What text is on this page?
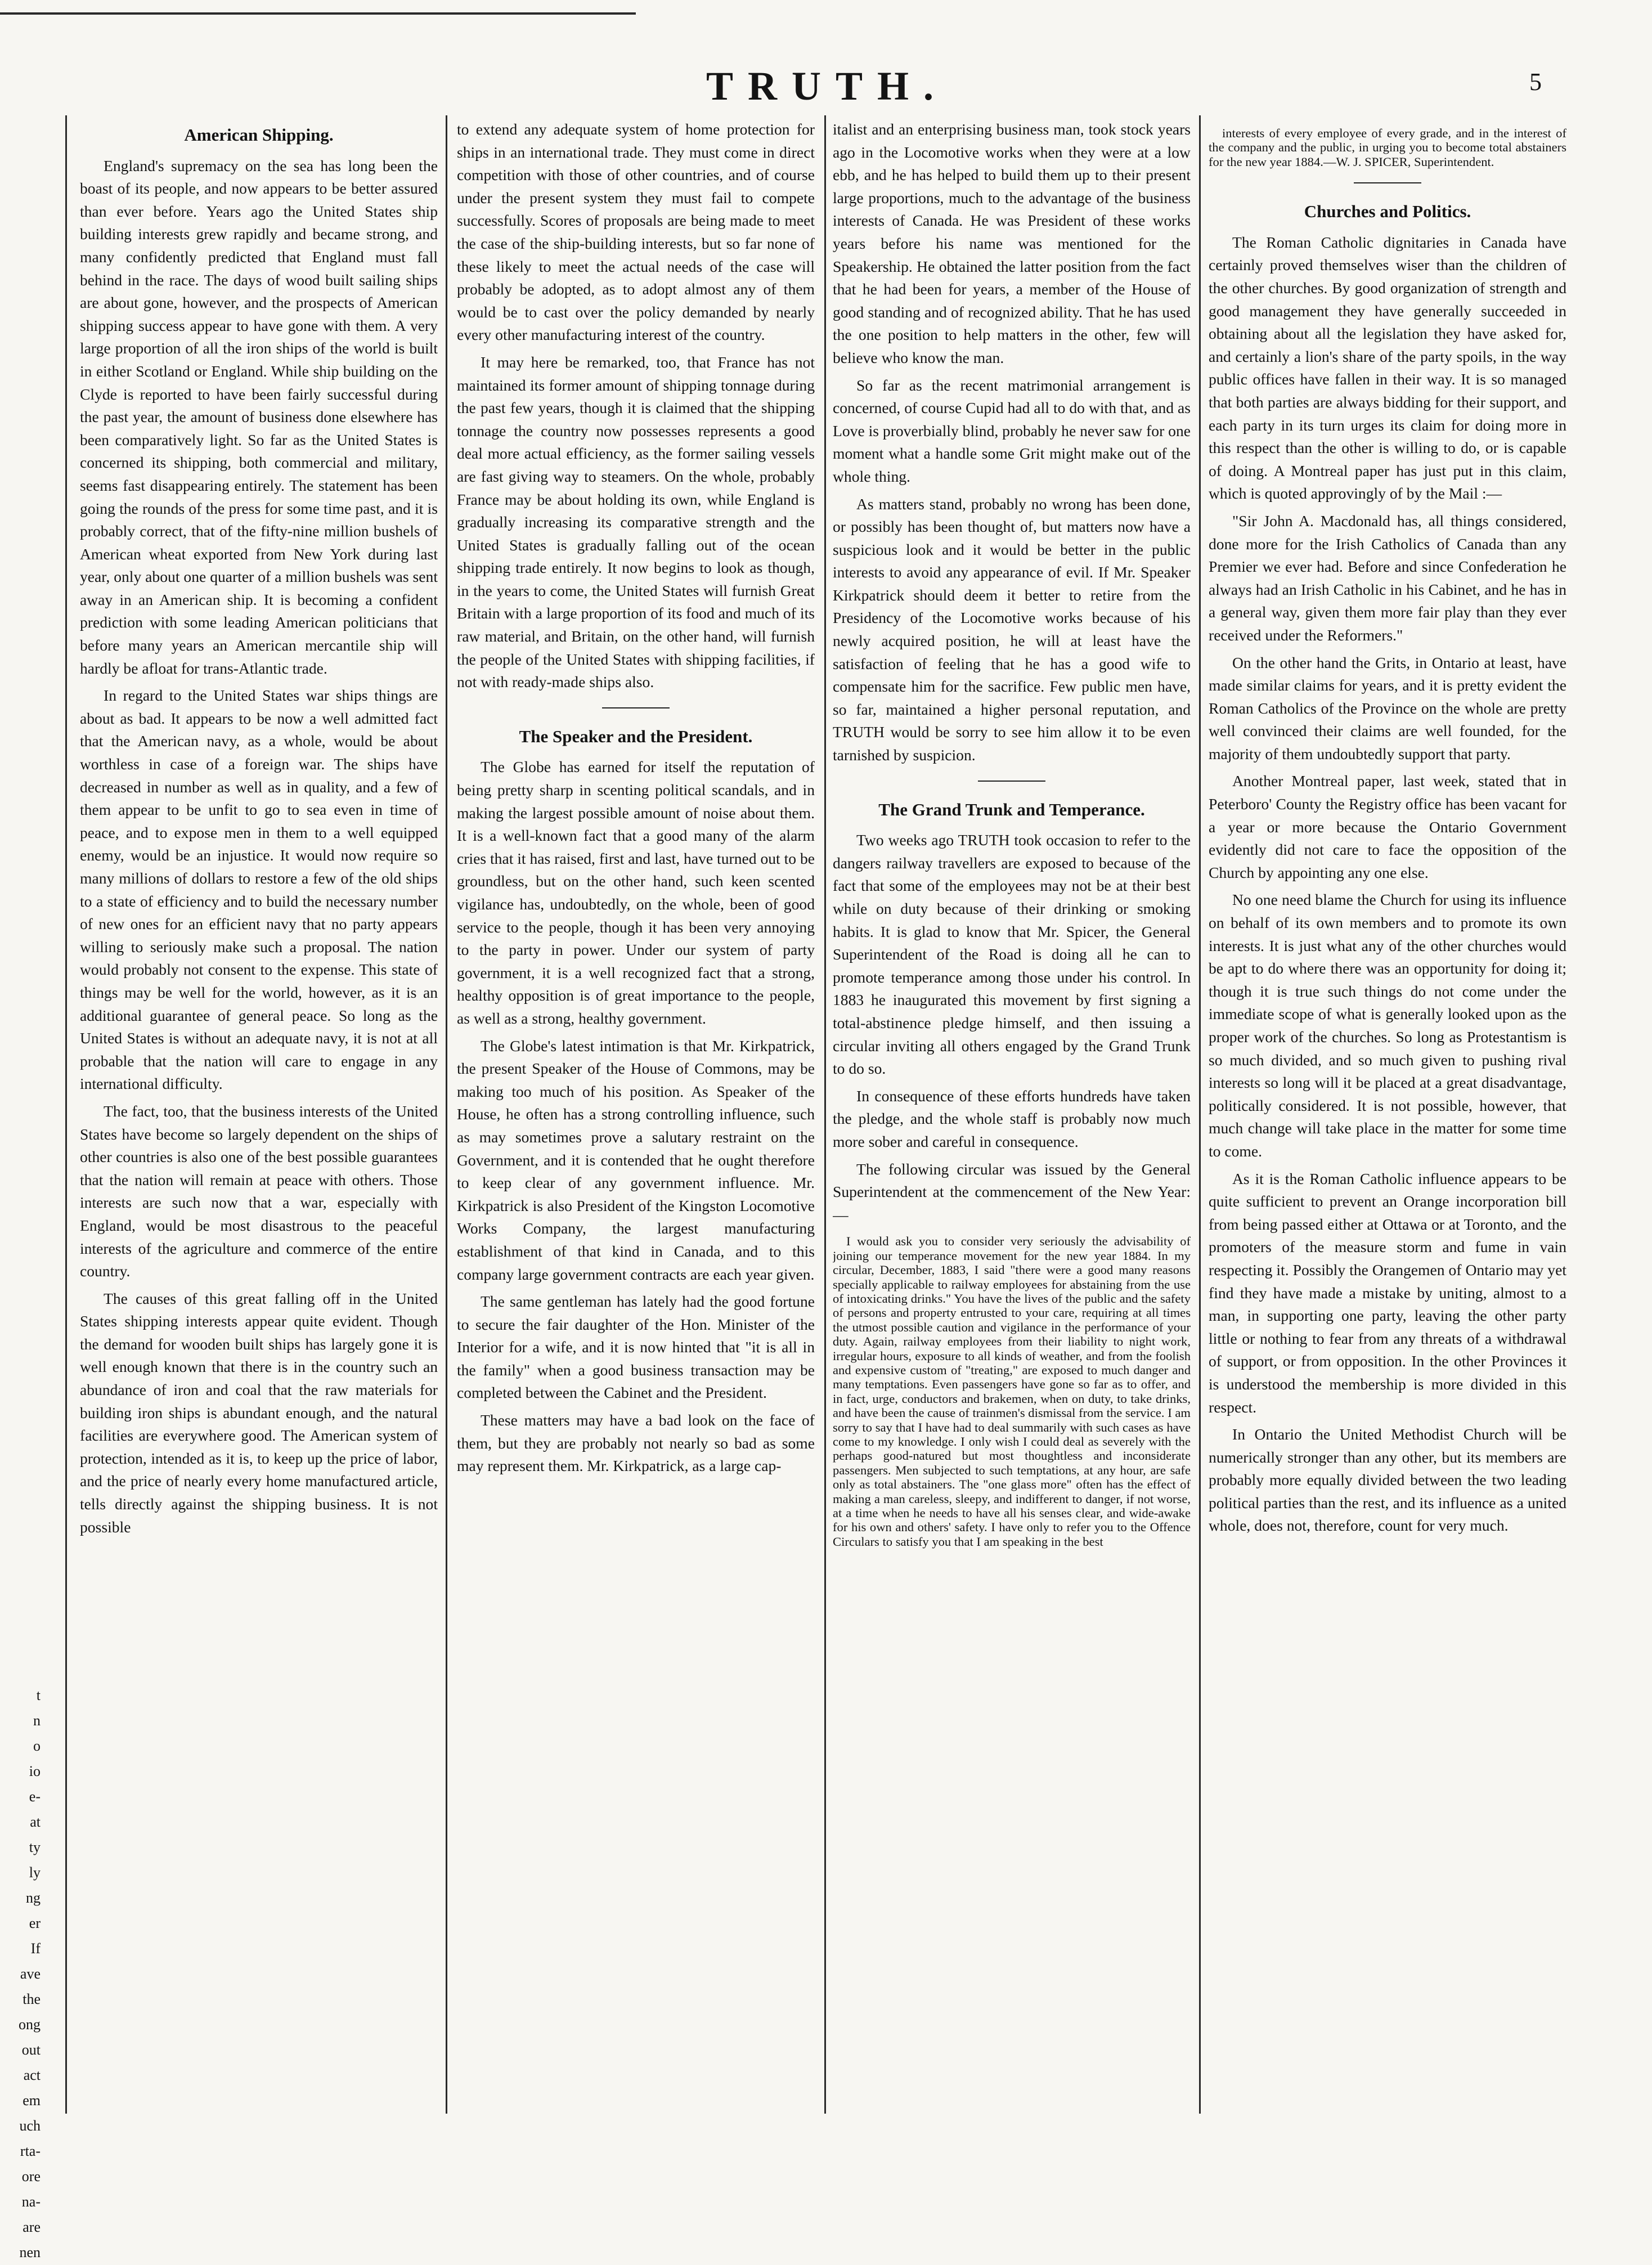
TRUTH.	5
t
n
o
io
e-
at
ty
ly
ng
er
If
ave
the
ong
out
act
em
uch
rta-
ore
na-
are
nen
American Shipping.

England's supremacy on the sea has long been the boast of its people, and now appears to be better assured than ever before. Years ago the United States ship building interests grew rapidly and became strong, and many confidently predicted that England must fall behind in the race. The days of wood built sailing ships are about gone, however, and the prospects of American shipping success appear to have gone with them. A very large proportion of all the iron ships of the world is built in either Scotland or England. While ship building on the Clyde is reported to have been fairly successful during the past year, the amount of business done elsewhere has been comparatively light. So far as the United States is concerned its shipping, both commercial and military, seems fast disappearing entirely. The statement has been going the rounds of the press for some time past, and it is probably correct, that of the fifty-nine million bushels of American wheat exported from New York during last year, only about one quarter of a million bushels was sent away in an American ship. It is becoming a confident prediction with some leading American politicians that before many years an American mercantile ship will hardly be afloat for trans-Atlantic trade.

In regard to the United States war ships things are about as bad. It appears to be now a well admitted fact that the American navy, as a whole, would be about worthless in case of a foreign war. The ships have decreased in number as well as in quality, and a few of them appear to be unfit to go to sea even in time of peace, and to expose men in them to a well equipped enemy, would be an injustice. It would now require so many millions of dollars to restore a few of the old ships to a state of efficiency and to build the necessary number of new ones for an efficient navy that no party appears willing to seriously make such a proposal. The nation would probably not consent to the expense. This state of things may be well for the world, however, as it is an additional guarantee of general peace. So long as the United States is without an adequate navy, it is not at all probable that the nation will care to engage in any international difficulty.

The fact, too, that the business interests of the United States have become so largely dependent on the ships of other countries is also one of the best possible guarantees that the nation will remain at peace with others. Those interests are such now that a war, especially with England, would be most disastrous to the peaceful interests of the agriculture and commerce of the entire country.

The causes of this great falling off in the United States shipping interests appear quite evident. Though the demand for wooden built ships has largely gone it is well enough known that there is in the country such an abundance of iron and coal that the raw materials for building iron ships is abundant enough, and the natural facilities are everywhere good. The American system of protection, intended as it is, to keep up the price of labor, and the price of nearly every home manufactured article, tells directly against the shipping business. It is not possible

to extend any adequate system of home protection for ships in an international trade. They must come in direct competition with those of other countries, and of course under the present system they must fail to compete successfully. Scores of proposals are being made to meet the case of the ship-building interests, but so far none of these likely to meet the actual needs of the case will probably be adopted, as to adopt almost any of them would be to cast over the policy demanded by nearly every other manufacturing interest of the country.

It may here be remarked, too, that France has not maintained its former amount of shipping tonnage during the past few years, though it is claimed that the shipping tonnage the country now possesses represents a good deal more actual efficiency, as the former sailing vessels are fast giving way to steamers. On the whole, probably France may be about holding its own, while England is gradually increasing its comparative strength and the United States is gradually falling out of the ocean shipping trade entirely. It now begins to look as though, in the years to come, the United States will furnish Great Britain with a large proportion of its food and much of its raw material, and Britain, on the other hand, will furnish the people of the United States with shipping facilities, if not with ready-made ships also.

The Speaker and the President.

The Globe has earned for itself the reputation of being pretty sharp in scenting political scandals, and in making the largest possible amount of noise about them. It is a well-known fact that a good many of the alarm cries that it has raised, first and last, have turned out to be groundless, but on the other hand, such keen scented vigilance has, undoubtedly, on the whole, been of good service to the people, though it has been very annoying to the party in power. Under our system of party government, it is a well recognized fact that a strong, healthy opposition is of great importance to the people, as well as a strong, healthy government.

The Globe's latest intimation is that Mr. Kirkpatrick, the present Speaker of the House of Commons, may be making too much of his position. As Speaker of the House, he often has a strong controlling influence, such as may sometimes prove a salutary restraint on the Government, and it is contended that he ought therefore to keep clear of any government influence. Mr. Kirkpatrick is also President of the Kingston Locomotive Works Company, the largest manufacturing establishment of that kind in Canada, and to this company large government contracts are each year given.

The same gentleman has lately had the good fortune to secure the fair daughter of the Hon. Minister of the Interior for a wife, and it is now hinted that "it is all in the family" when a good business transaction may be completed between the Cabinet and the President.

These matters may have a bad look on the face of them, but they are probably not nearly so bad as some may represent them. Mr. Kirkpatrick, as a large cap-

italist and an enterprising business man, took stock years ago in the Locomotive works when they were at a low ebb, and he has helped to build them up to their present large proportions, much to the advantage of the business interests of Canada. He was President of these works years before his name was mentioned for the Speakership. He obtained the latter position from the fact that he had been for years, a member of the House of good standing and of recognized ability. That he has used the one position to help matters in the other, few will believe who know the man.

So far as the recent matrimonial arrangement is concerned, of course Cupid had all to do with that, and as Love is proverbially blind, probably he never saw for one moment what a handle some Grit might make out of the whole thing.

As matters stand, probably no wrong has been done, or possibly has been thought of, but matters now have a suspicious look and it would be better in the public interests to avoid any appearance of evil. If Mr. Speaker Kirkpatrick should deem it better to retire from the Presidency of the Locomotive works because of his newly acquired position, he will at least have the satisfaction of feeling that he has a good wife to compensate him for the sacrifice. Few public men have, so far, maintained a higher personal reputation, and TRUTH would be sorry to see him allow it to be even tarnished by suspicion.

The Grand Trunk and Temperance.

Two weeks ago TRUTH took occasion to refer to the dangers railway travellers are exposed to because of the fact that some of the employees may not be at their best while on duty because of their drinking or smoking habits. It is glad to know that Mr. Spicer, the General Superintendent of the Road is doing all he can to promote temperance among those under his control. In 1883 he inaugurated this movement by first signing a total-abstinence pledge himself, and then issuing a circular inviting all others engaged by the Grand Trunk to do so.

In consequence of these efforts hundreds have taken the pledge, and the whole staff is probably now much more sober and careful in consequence.

The following circular was issued by the General Superintendent at the commencement of the New Year:—

I would ask you to consider very seriously the advisability of joining our temperance movement for the new year 1884. In my circular, December, 1883, I said "there were a good many reasons specially applicable to railway employees for abstaining from the use of intoxicating drinks." You have the lives of the public and the safety of persons and property entrusted to your care, requiring at all times the utmost possible caution and vigilance in the performance of your duty. Again, railway employees from their liability to night work, irregular hours, exposure to all kinds of weather, and from the foolish and expensive custom of "treating," are exposed to much danger and many temptations. Even passengers have gone so far as to offer, and in fact, urge, conductors and brakemen, when on duty, to take drinks, and have been the cause of trainmen's dismissal from the service. I am sorry to say that I have had to deal summarily with such cases as have come to my knowledge. I only wish I could deal as severely with the perhaps good-natured but most thoughtless and inconsiderate passengers. Men subjected to such temptations, at any hour, are safe only as total abstainers. The "one glass more" often has the effect of making a man careless, sleepy, and indifferent to danger, if not worse, at a time when he needs to have all his senses clear, and wide-awake for his own and others' safety. I have only to refer you to the Offence Circulars to satisfy you that I am speaking in the best

interests of every employee of every grade, and in the interest of the company and the public, in urging you to become total abstainers for the new year 1884.—W. J. SPICER, Superintendent.

Churches and Politics.

The Roman Catholic dignitaries in Canada have certainly proved themselves wiser than the children of the other churches. By good organization of strength and good management they have generally succeeded in obtaining about all the legislation they have asked for, and certainly a lion's share of the party spoils, in the way public offices have fallen in their way. It is so managed that both parties are always bidding for their support, and each party in its turn urges its claim for doing more in this respect than the other is willing to do, or is capable of doing. A Montreal paper has just put in this claim, which is quoted approvingly of by the Mail :—

"Sir John A. Macdonald has, all things considered, done more for the Irish Catholics of Canada than any Premier we ever had. Before and since Confederation he always had an Irish Catholic in his Cabinet, and he has in a general way, given them more fair play than they ever received under the Reformers."

On the other hand the Grits, in Ontario at least, have made similar claims for years, and it is pretty evident the Roman Catholics of the Province on the whole are pretty well convinced their claims are well founded, for the majority of them undoubtedly support that party.

Another Montreal paper, last week, stated that in Peterboro' County the Registry office has been vacant for a year or more because the Ontario Government evidently did not care to face the opposition of the Church by appointing any one else.

No one need blame the Church for using its influence on behalf of its own members and to promote its own interests. It is just what any of the other churches would be apt to do where there was an opportunity for doing it; though it is true such things do not come under the immediate scope of what is generally looked upon as the proper work of the churches. So long as Protestantism is so much divided, and so much given to pushing rival interests so long will it be placed at a great disadvantage, politically considered. It is not possible, however, that much change will take place in the matter for some time to come.

As it is the Roman Catholic influence appears to be quite sufficient to prevent an Orange incorporation bill from being passed either at Ottawa or at Toronto, and the promoters of the measure storm and fume in vain respecting it. Possibly the Orangemen of Ontario may yet find they have made a mistake by uniting, almost to a man, in supporting one party, leaving the other party little or nothing to fear from any threats of a withdrawal of support, or from opposition. In the other Provinces it is understood the membership is more divided in this respect.

In Ontario the United Methodist Church will be numerically stronger than any other, but its members are probably more equally divided between the two leading political parties than the rest, and its influence as a united whole, does not, therefore, count for very much.
